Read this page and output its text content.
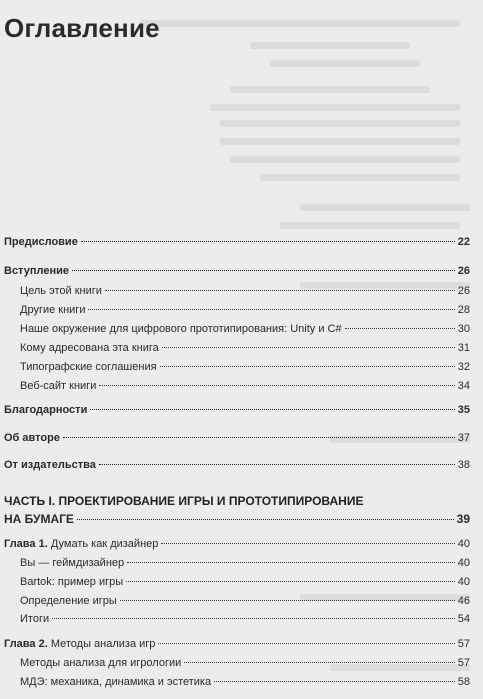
Оглавление
Предисловие	22
Вступление	26
Цель этой книги	26
Другие книги	28
Наше окружение для цифрового прототипирования: Unity и C#	30
Кому адресована эта книга	31
Типографские соглашения	32
Веб-сайт книги	34
Благодарности	35
Об авторе	37
От издательства	38
ЧАСТЬ I. ПРОЕКТИРОВАНИЕ ИГРЫ И ПРОТОТИПИРОВАНИЕ
НА БУМАГЕ	39
Глава 1. Думать как дизайнер	40
Вы — геймдизайнер	40
Bartok: пример игры	40
Определение игры	46
Итоги	54
Глава 2. Методы анализа игр	57
Методы анализа для игрологии	57
МДЭ: механика, динамика и эстетика	58
